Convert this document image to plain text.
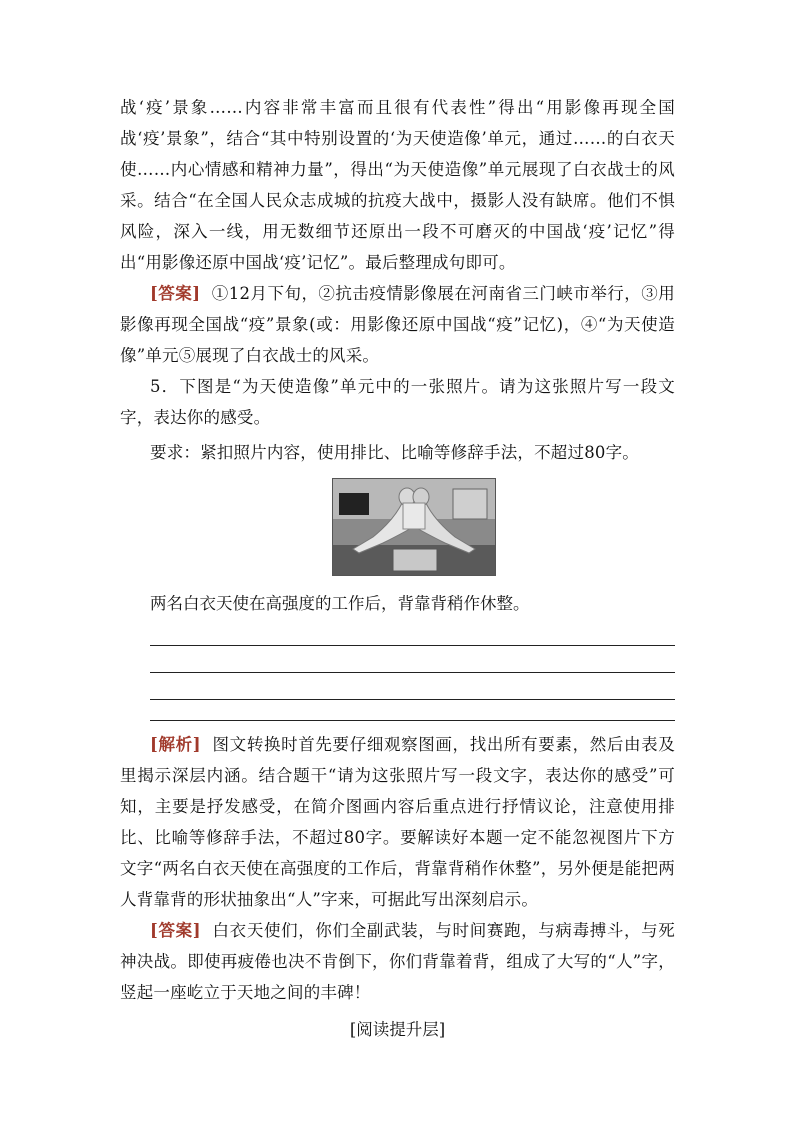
战‘疫’景象……内容非常丰富而且很有代表性”得出“用影像再现全国战‘疫’景象”，结合“其中特别设置的‘为天使造像’单元，通过……的白衣天使……内心情感和精神力量”，得出“为天使造像”单元展现了白衣战士的风采。结合“在全国人民众志成城的抗疫大战中，摄影人没有缺席。他们不惧风险，深入一线，用无数细节还原出一段不可磨灭的中国战‘疫’记忆”得出“用影像还原中国战‘疫’记忆”。最后整理成句即可。

[答案] ①12月下旬，②抗击疫情影像展在河南省三门峡市举行，③用影像再现全国战“疫”景象(或：用影像还原中国战“疫”记忆)，④“为天使造像”单元⑤展现了白衣战士的风采。

5．下图是“为天使造像”单元中的一张照片。请为这张照片写一段文字，表达你的感受。

要求：紧扣照片内容，使用排比、比喻等修辞手法，不超过80字。

两名白衣天使在高强度的工作后，背靠背稍作休整。

[解析] 图文转换时首先要仔细观察图画，找出所有要素，然后由表及里揭示深层内涵。结合题干“请为这张照片写一段文字，表达你的感受”可知，主要是抒发感受，在简介图画内容后重点进行抒情议论，注意使用排比、比喻等修辞手法，不超过80字。要解读好本题一定不能忽视图片下方文字“两名白衣天使在高强度的工作后，背靠背稍作休整”，另外便是能把两人背靠背的形状抽象出“人”字来，可据此写出深刻启示。

[答案] 白衣天使们，你们全副武装，与时间赛跑，与病毒搏斗，与死神决战。即使再疲倦也决不肯倒下，你们背靠着背，组成了大写的“人”字，竖起一座屹立于天地之间的丰碑！

[阅读提升层]
